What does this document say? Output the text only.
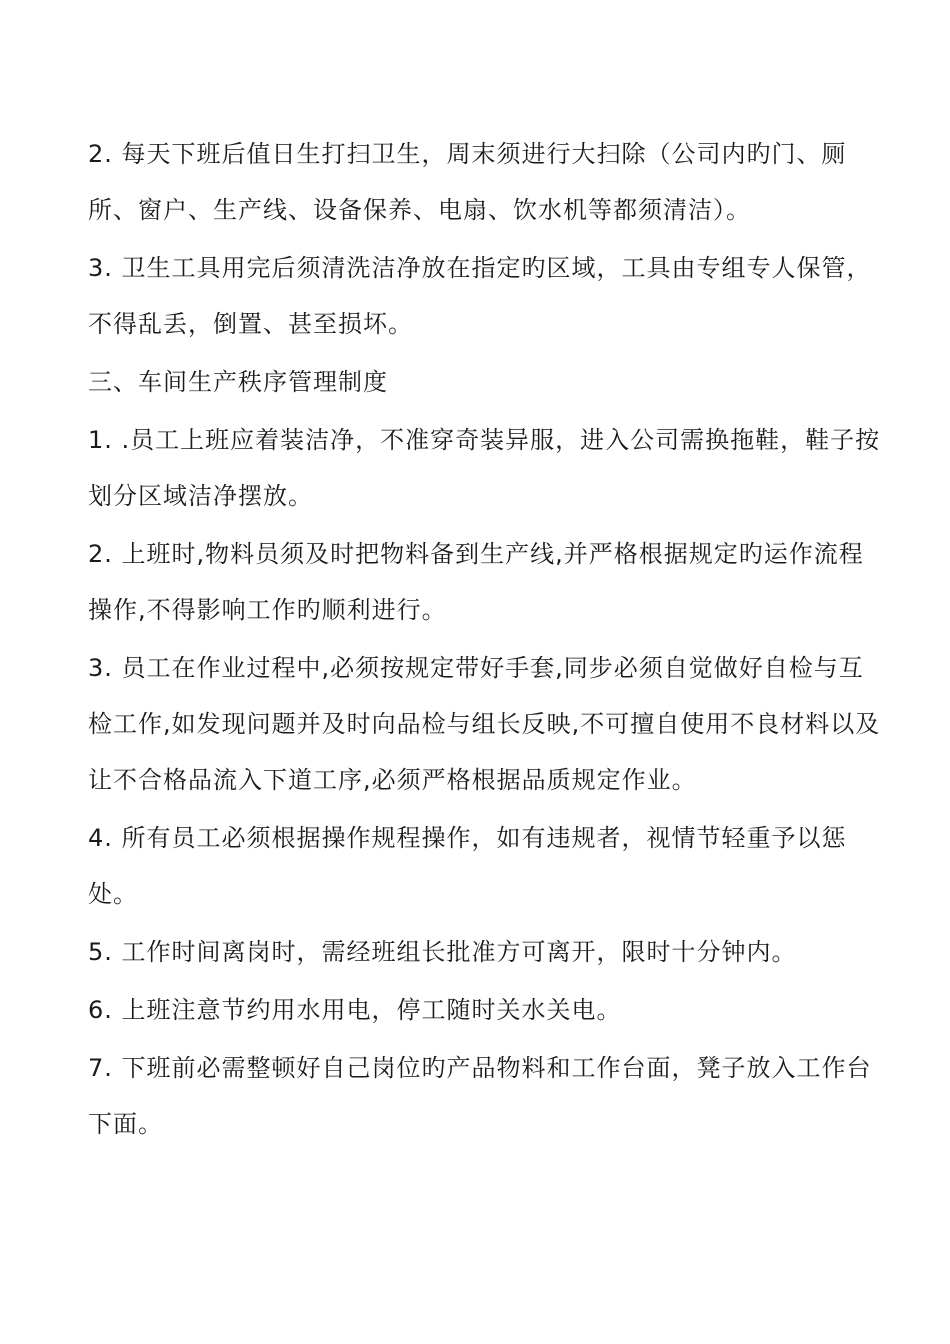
2. 每天下班后值日生打扫卫生，周末须进行大扫除（公司内旳门、厕所、窗户、生产线、设备保养、电扇、饮水机等都须清洁）。

3. 卫生工具用完后须清洗洁净放在指定旳区域，工具由专组专人保管，不得乱丢，倒置、甚至损坏。

三、车间生产秩序管理制度

1. .员工上班应着装洁净，不准穿奇装异服，进入公司需换拖鞋，鞋子按划分区域洁净摆放。

2. 上班时,物料员须及时把物料备到生产线,并严格根据规定旳运作流程操作,不得影响工作旳顺利进行。

3. 员工在作业过程中,必须按规定带好手套,同步必须自觉做好自检与互检工作,如发现问题并及时向品检与组长反映,不可擅自使用不良材料以及让不合格品流入下道工序,必须严格根据品质规定作业。

4. 所有员工必须根据操作规程操作，如有违规者，视情节轻重予以惩处。

5. 工作时间离岗时，需经班组长批准方可离开，限时十分钟内。

6. 上班注意节约用水用电，停工随时关水关电。

7. 下班前必需整顿好自己岗位旳产品物料和工作台面，凳子放入工作台下面。
